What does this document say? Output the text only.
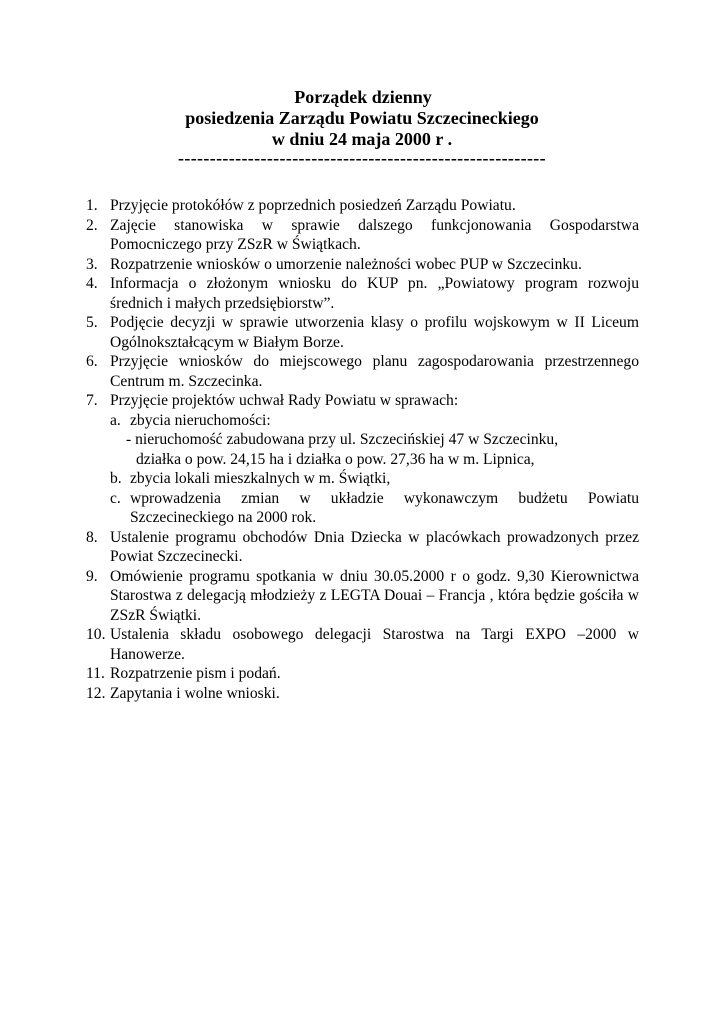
Porządek dzienny
posiedzenia Zarządu Powiatu Szczecineckiego
w dniu 24 maja 2000 r .
----------------------------------------------------------
1. Przyjęcie protokółów z poprzednich posiedzeń Zarządu Powiatu.
2. Zajęcie stanowiska w sprawie dalszego funkcjonowania Gospodarstwa Pomocniczego przy ZSzR w Świątkach.
3. Rozpatrzenie wniosków o umorzenie należności wobec PUP w Szczecinku.
4. Informacja o złożonym wniosku do KUP pn. „Powiatowy program rozwoju średnich i małych przedsiębiorstw”.
5. Podjęcie decyzji w sprawie utworzenia klasy o profilu wojskowym w II Liceum Ogólnokształcącym w Białym Borze.
6. Przyjęcie wniosków do miejscowego planu zagospodarowania przestrzennego Centrum m. Szczecinka.
7. Przyjęcie projektów uchwał Rady Powiatu w sprawach:
a. zbycia nieruchomości:
- nieruchomość zabudowana przy ul. Szczecińskiej 47 w Szczecinku,
działka o pow. 24,15 ha i działka o pow. 27,36 ha w m. Lipnica,
b. zbycia lokali mieszkalnych w m. Świątki,
c. wprowadzenia zmian w układzie wykonawczym budżetu Powiatu Szczecineckiego na 2000 rok.
8. Ustalenie programu obchodów Dnia Dziecka w placówkach prowadzonych przez Powiat Szczecinecki.
9. Omówienie programu spotkania w dniu 30.05.2000 r o godz. 9,30 Kierownictwa Starostwa z delegacją młodzieży z LEGTA Douai – Francja , która będzie gościła w ZSzR Świątki.
10. Ustalenia składu osobowego delegacji Starostwa na Targi EXPO –2000 w Hanowerze.
11. Rozpatrzenie pism i podań.
12. Zapytania i wolne wnioski.
